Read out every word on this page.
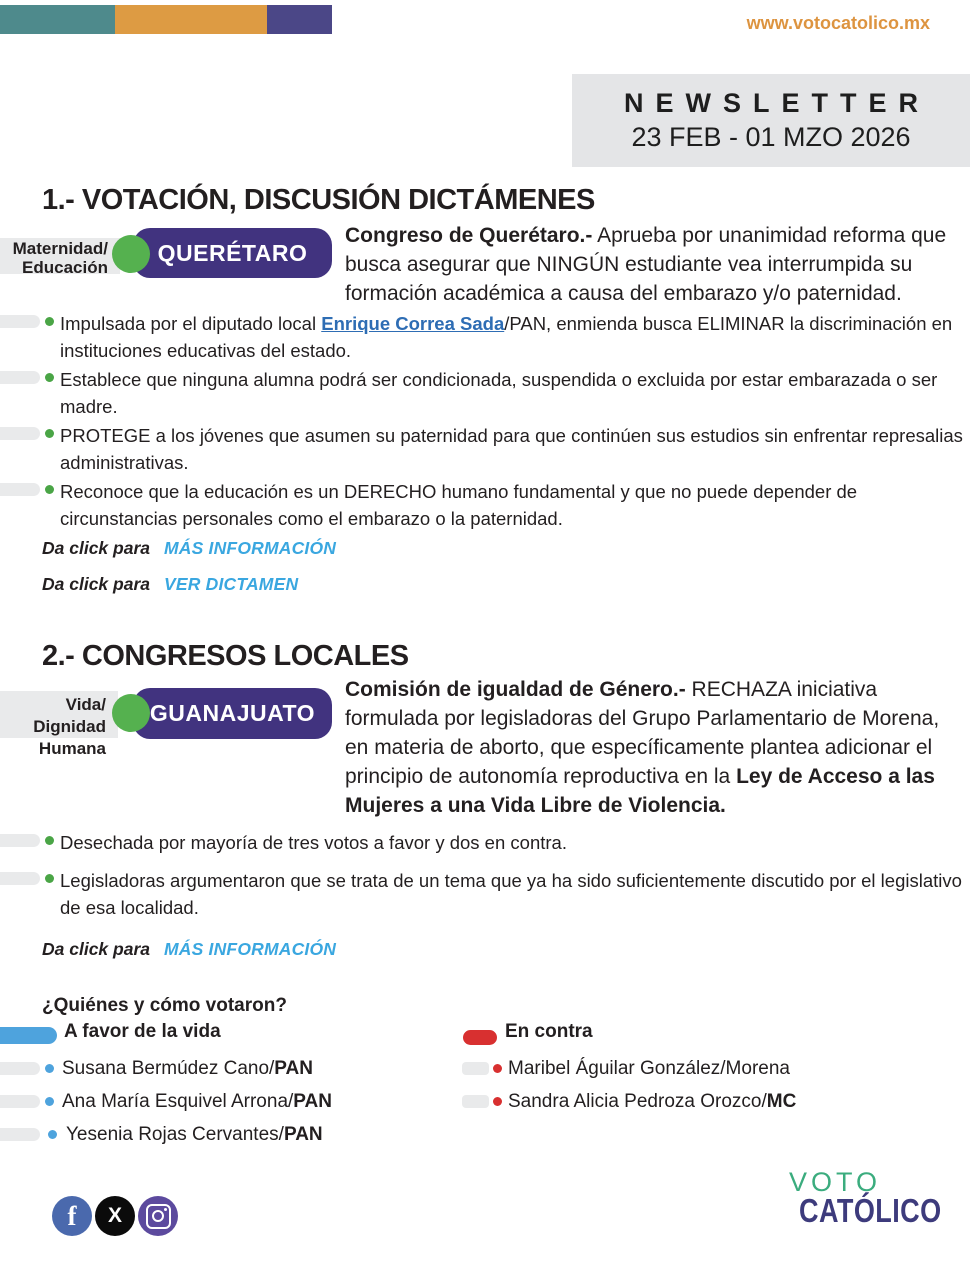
www.votocatolico.mx
NEWSLETTER
23 FEB - 01 MZO 2026
1.- VOTACIÓN, DISCUSIÓN DICTÁMENES
Maternidad/
Educación
QUERÉTARO
Congreso de Querétaro.- Aprueba por unanimidad reforma que busca asegurar que NINGÚN estudiante vea interrumpida su formación académica a causa del embarazo y/o paternidad.
Impulsada por el diputado local Enrique Correa Sada/PAN, enmienda busca ELIMINAR la discriminación en instituciones educativas del estado.
Establece que ninguna alumna podrá ser condicionada, suspendida o excluida por estar embarazada o ser madre.
PROTEGE a los jóvenes que asumen su paternidad para que continúen sus estudios sin enfrentar represalias administrativas.
Reconoce que la educación es un DERECHO humano fundamental y que no puede depender de circunstancias personales como el embarazo o la paternidad.
Da click para MÁS INFORMACIÓN
Da click para VER DICTAMEN
2.- CONGRESOS LOCALES
Vida/
Dignidad
Humana
GUANAJUATO
Comisión de igualdad de Género.- RECHAZA iniciativa formulada por legisladoras del Grupo Parlamentario de Morena, en materia de aborto, que específicamente plantea adicionar el principio de autonomía reproductiva en la Ley de Acceso a las Mujeres a una Vida Libre de Violencia.
Desechada por mayoría de tres votos a favor y dos en contra.
Legisladoras argumentaron que se trata de un tema que ya ha sido suficientemente discutido por el legislativo de esa localidad.
Da click para MÁS INFORMACIÓN
¿Quiénes y cómo votaron?
A favor de la vida	En contra
Susana Bermúdez Cano/PAN
Ana María Esquivel Arrona/PAN
Yesenia Rojas Cervantes/PAN
Maribel Águilar González/Morena
Sandra Alicia Pedroza Orozco/MC
f X
VOTO
CATÓLICO
